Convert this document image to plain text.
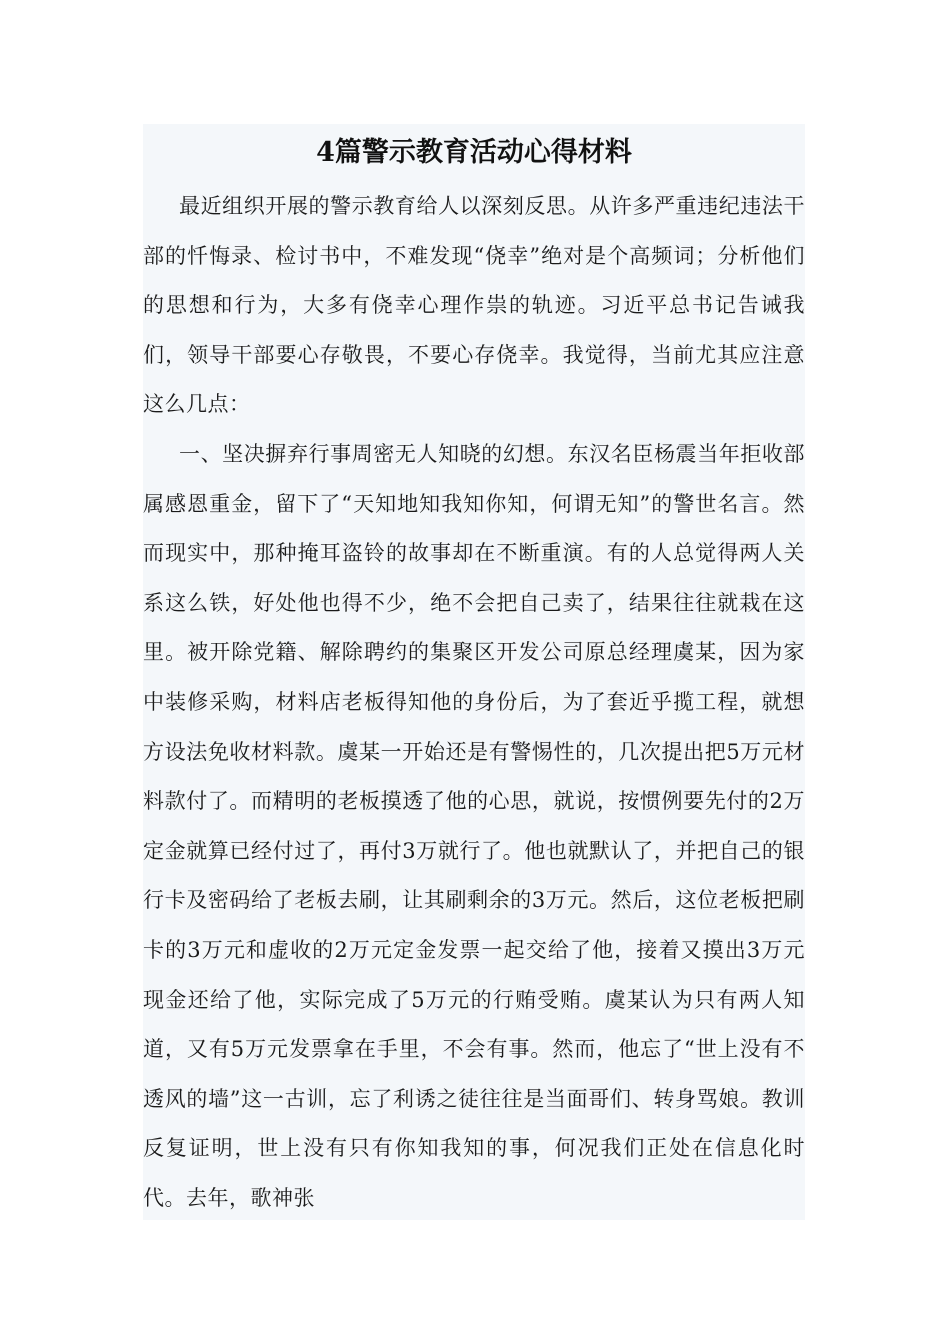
4篇警示教育活动心得材料

最近组织开展的警示教育给人以深刻反思。从许多严重违纪违法干部的忏悔录、检讨书中，不难发现“侥幸”绝对是个高频词；分析他们的思想和行为，大多有侥幸心理作祟的轨迹。习近平总书记告诫我们，领导干部要心存敬畏，不要心存侥幸。我觉得，当前尤其应注意这么几点：

一、坚决摒弃行事周密无人知晓的幻想。东汉名臣杨震当年拒收部属感恩重金，留下了“天知地知我知你知，何谓无知”的警世名言。然而现实中，那种掩耳盗铃的故事却在不断重演。有的人总觉得两人关系这么铁，好处他也得不少，绝不会把自己卖了，结果往往就栽在这里。被开除党籍、解除聘约的集聚区开发公司原总经理虞某，因为家中装修采购，材料店老板得知他的身份后，为了套近乎揽工程，就想方设法免收材料款。虞某一开始还是有警惕性的，几次提出把5万元材料款付了。而精明的老板摸透了他的心思，就说，按惯例要先付的2万定金就算已经付过了，再付3万就行了。他也就默认了，并把自己的银行卡及密码给了老板去刷，让其刷剩余的3万元。然后，这位老板把刷卡的3万元和虚收的2万元定金发票一起交给了他，接着又摸出3万元现金还给了他，实际完成了5万元的行贿受贿。虞某认为只有两人知道，又有5万元发票拿在手里，不会有事。然而，他忘了“世上没有不透风的墙”这一古训，忘了利诱之徒往往是当面哥们、转身骂娘。教训反复证明，世上没有只有你知我知的事，何况我们正处在信息化时代。去年，歌神张
